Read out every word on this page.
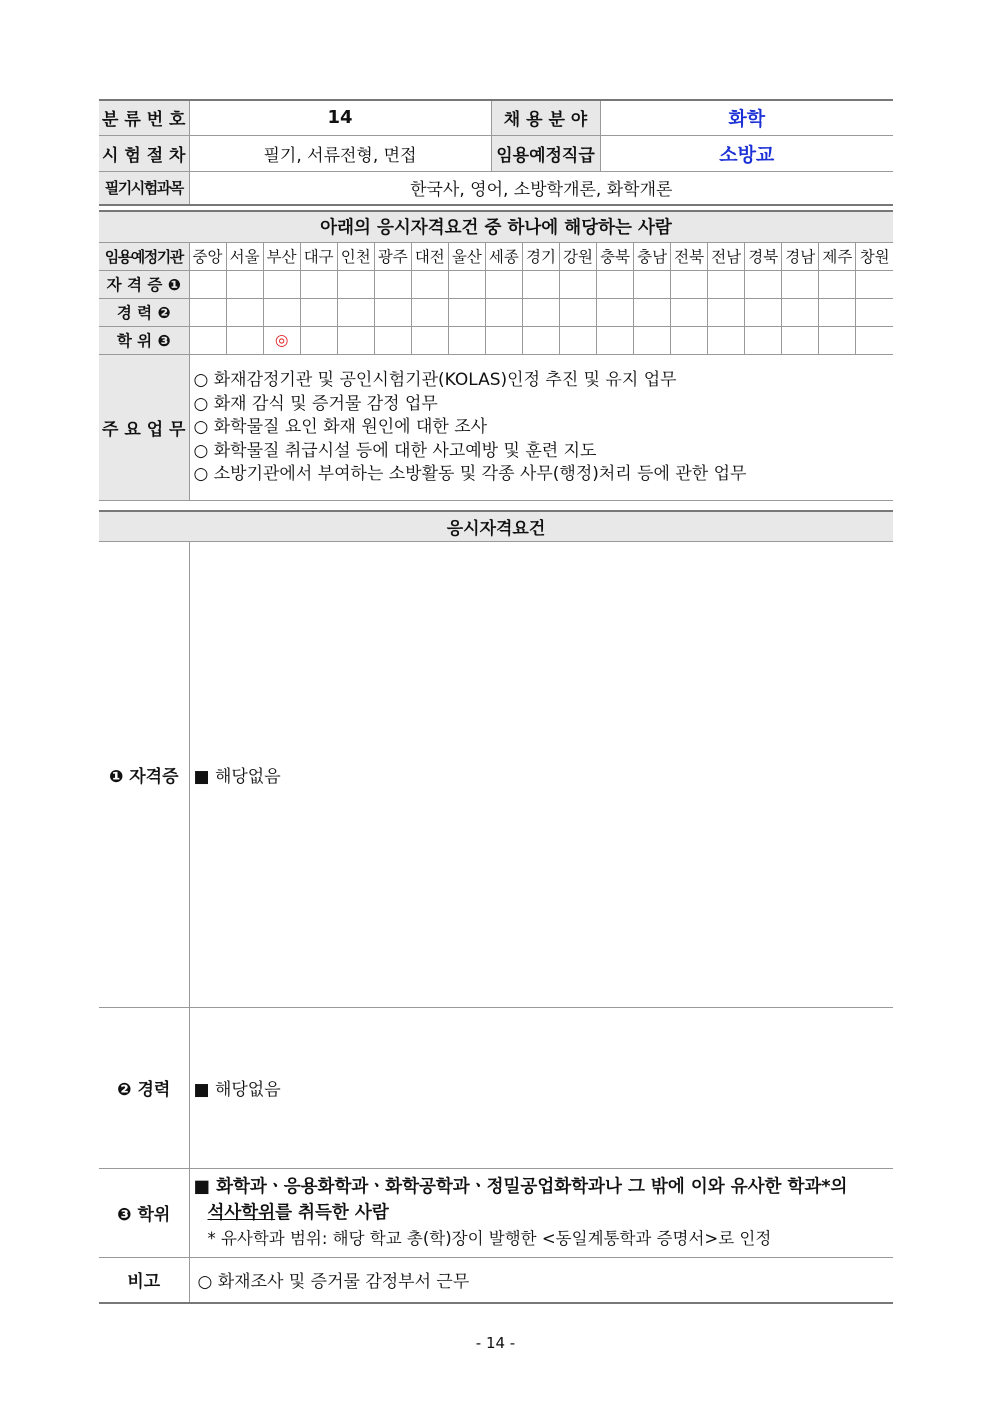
분 류 번 호	14	채 용 분 야	화학
시 험 절 차	필기, 서류전형, 면접	임용예정직급	소방교
필기시험과목	한국사, 영어, 소방학개론, 화학개론		
아래의 응시자격요건 중 하나에 해당하는 사람																			
임용예정기관	중앙	서울	부산	대구	인천	광주	대전	울산	세종	경기	강원	충북	충남	전북	전남	경북	경남	제주	창원
자 격 증 ❶																			
경 력 ❷																			
학 위 ❸			◎																
주 요 업 무	○ 화재감정기관 및 공인시험기관(KOLAS)인정 추진 및 유지 업무
○ 화재 감식 및 증거물 감정 업무
○ 화학물질 요인 화재 원인에 대한 조사
○ 화학물질 취급시설 등에 대한 사고예방 및 훈련 지도
○ 소방기관에서 부여하는 소방활동 및 각종 사무(행정)처리 등에 관한 업무																		
응시자격요건	
❶ 자격증	■ 해당없음
❷ 경력	■ 해당없음
❸ 학위	■ 화학과ㆍ응용화학과ㆍ화학공학과ㆍ정밀공업화학과나 그 밖에 이와 유사한 학과*의
석사학위를 취득한 사람
* 유사학과 범위: 해당 학교 총(학)장이 발행한 <동일계통학과 증명서>로 인정

비고	○ 화재조사 및 증거물 감정부서 근무
- 14 -
